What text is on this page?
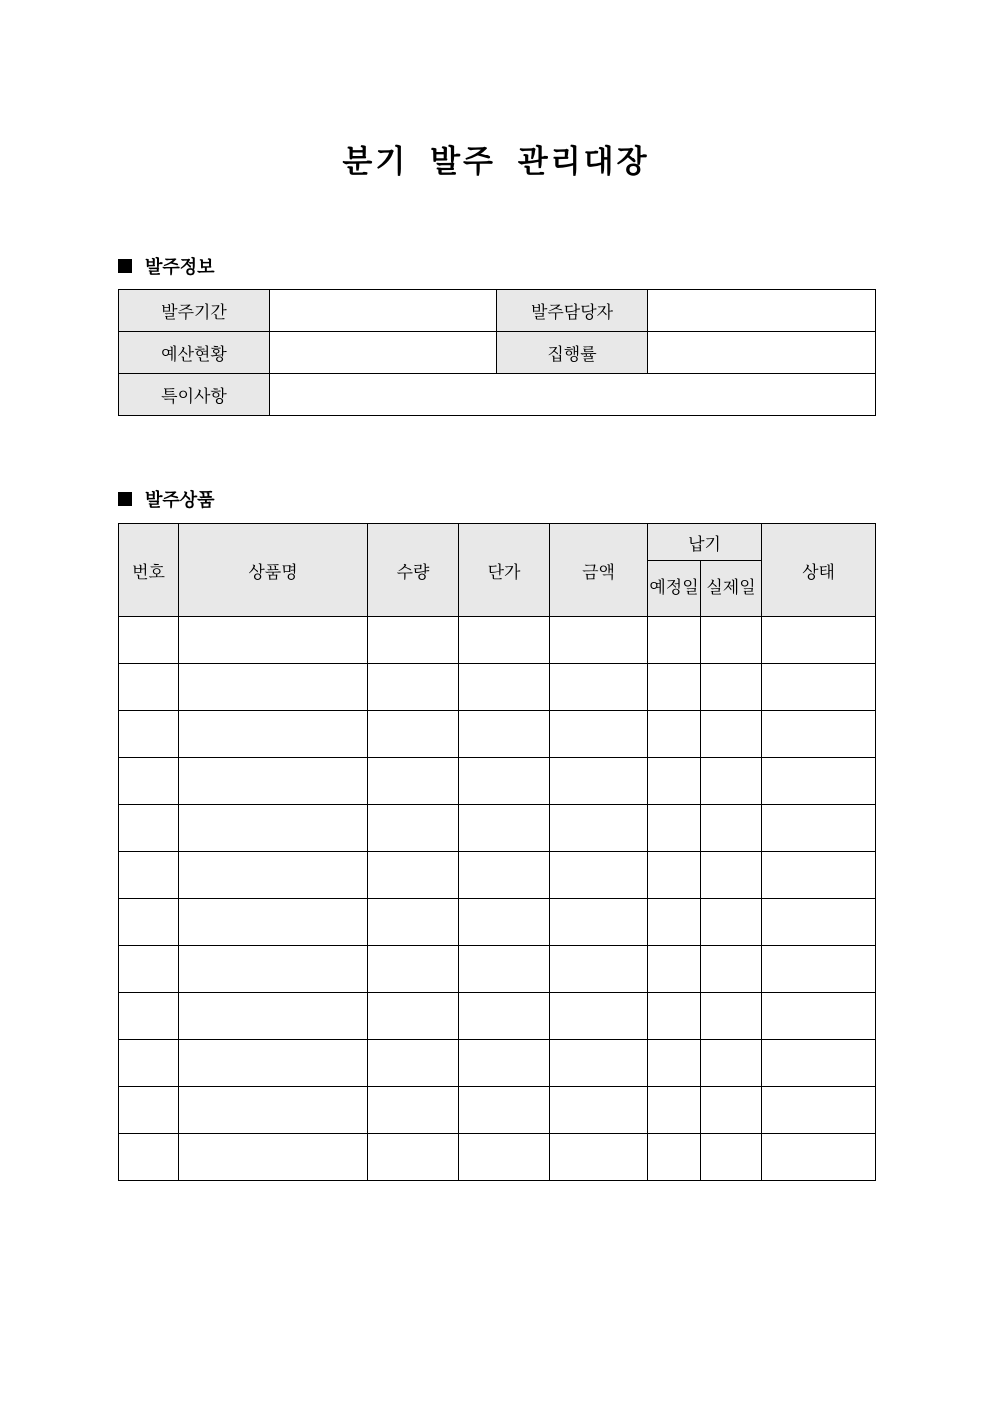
분기 발주 관리대장
발주정보
발주기간		발주담당자	
예산현황		집행률	
특이사항			
발주상품
번호	상품명	수량	단가	금액	납기		상태
					예정일	실제일	
